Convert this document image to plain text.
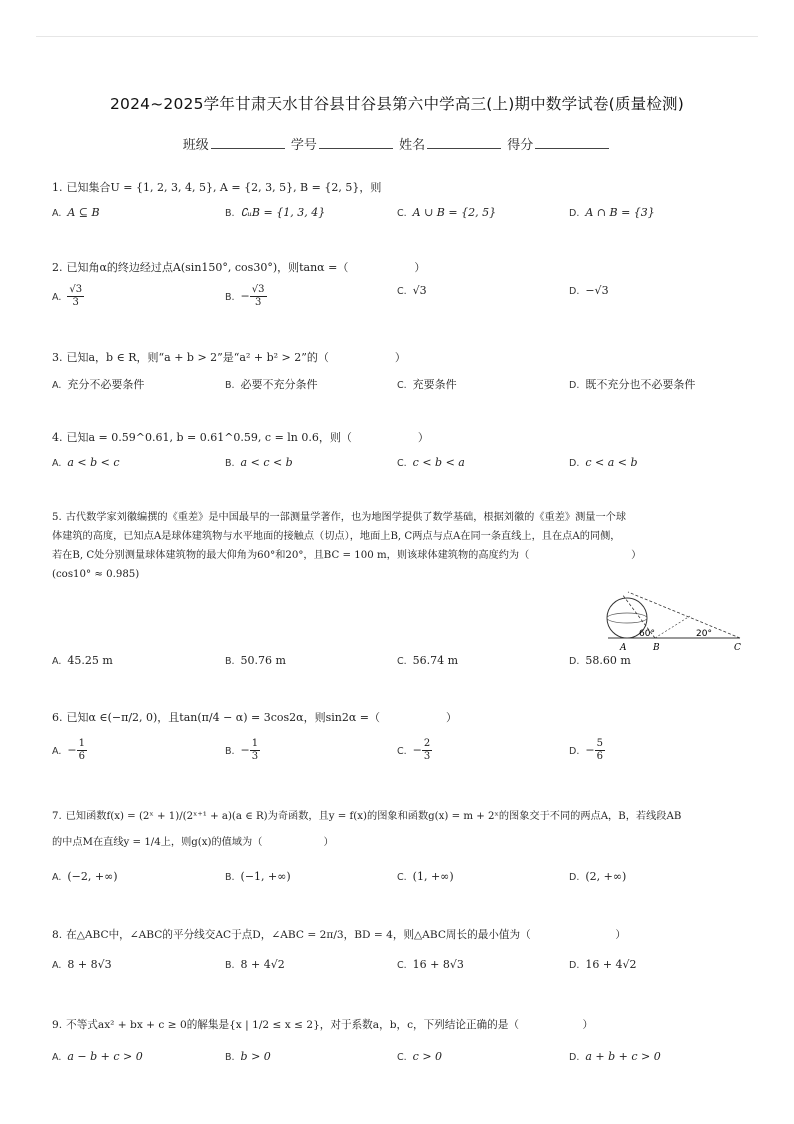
2024~2025学年甘肃天水甘谷县甘谷县第六中学高三(上)期中数学试卷(质量检测)
班级	学号	姓名	得分
1. 已知集合U = {1, 2, 3, 4, 5}, A = {2, 3, 5}, B = {2, 5}，则
A. A ⊆ B	B. ∁ᵤB = {1, 3, 4}	C. A ∪ B = {2, 5}	D. A ∩ B = {3}
2. 已知角α的终边经过点A(sin150°, cos30°)，则tanα =（　　　　　　）
A. $\frac{√3}{3}$	B. − $\frac{√3}{3}$	C. √3	D. −√3
3. 已知a，b ∈ R，则“a + b > 2”是“a² + b² > 2”的（　　　　　　）
A. 充分不必要条件	B. 必要不充分条件	C. 充要条件	D. 既不充分也不必要条件
4. 已知a = 0.59^0.61, b = 0.61^0.59, c = ln 0.6，则（　　　　　　）
A. a < b < c	B. a < c < b	C. c < b < a	D. c < a < b
5. 古代数学家刘徽编撰的《重差》是中国最早的一部测量学著作，也为地图学提供了数学基础，根据刘徽的《重差》测量一个球
体建筑的高度，已知点A是球体建筑物与水平地面的接触点（切点），地面上B, C两点与点A在同一条直线上，且在点A的同侧，
若在B, C处分别测量球体建筑物的最大仰角为60°和20°，且BC = 100 m，则该球体建筑物的高度约为（　　　　　　　　　　）
(cos10° ≈ 0.985)
60°	20°
A	B	C
A. 45.25 m	B. 50.76 m	C. 56.74 m	D. 58.60 m
6. 已知α ∈(−π/2, 0)，且tan(π/4 − α) = 3cos2α，则sin2α =（　　　　　　）
A. − $\frac{1}{6}$	B. − $\frac{1}{3}$	C. − $\frac{2}{3}$	D. − $\frac{5}{6}$
7. 已知函数f(x) = (2ˣ + 1)/(2ˣ⁺¹ + a)(a ∈ R)为奇函数，且y = f(x)的图象和函数g(x) = m + 2ˣ的图象交于不同的两点A，B，若线段AB
的中点M在直线y = 1/4上，则g(x)的值域为（　　　　　　）
A. (−2, +∞)	B. (−1, +∞)	C. (1, +∞)	D. (2, +∞)
8. 在△ABC中，∠ABC的平分线交AC于点D，∠ABC = 2π/3，BD = 4，则△ABC周长的最小值为（　　　　　　　　）
A. 8 + 8√3	B. 8 + 4√2	C. 16 + 8√3	D. 16 + 4√2
9. 不等式ax² + bx + c ≥ 0的解集是{x | 1/2 ≤ x ≤ 2}，对于系数a，b，c，下列结论正确的是（　　　　　　）
A. a − b + c > 0	B. b > 0	C. c > 0	D. a + b + c > 0
